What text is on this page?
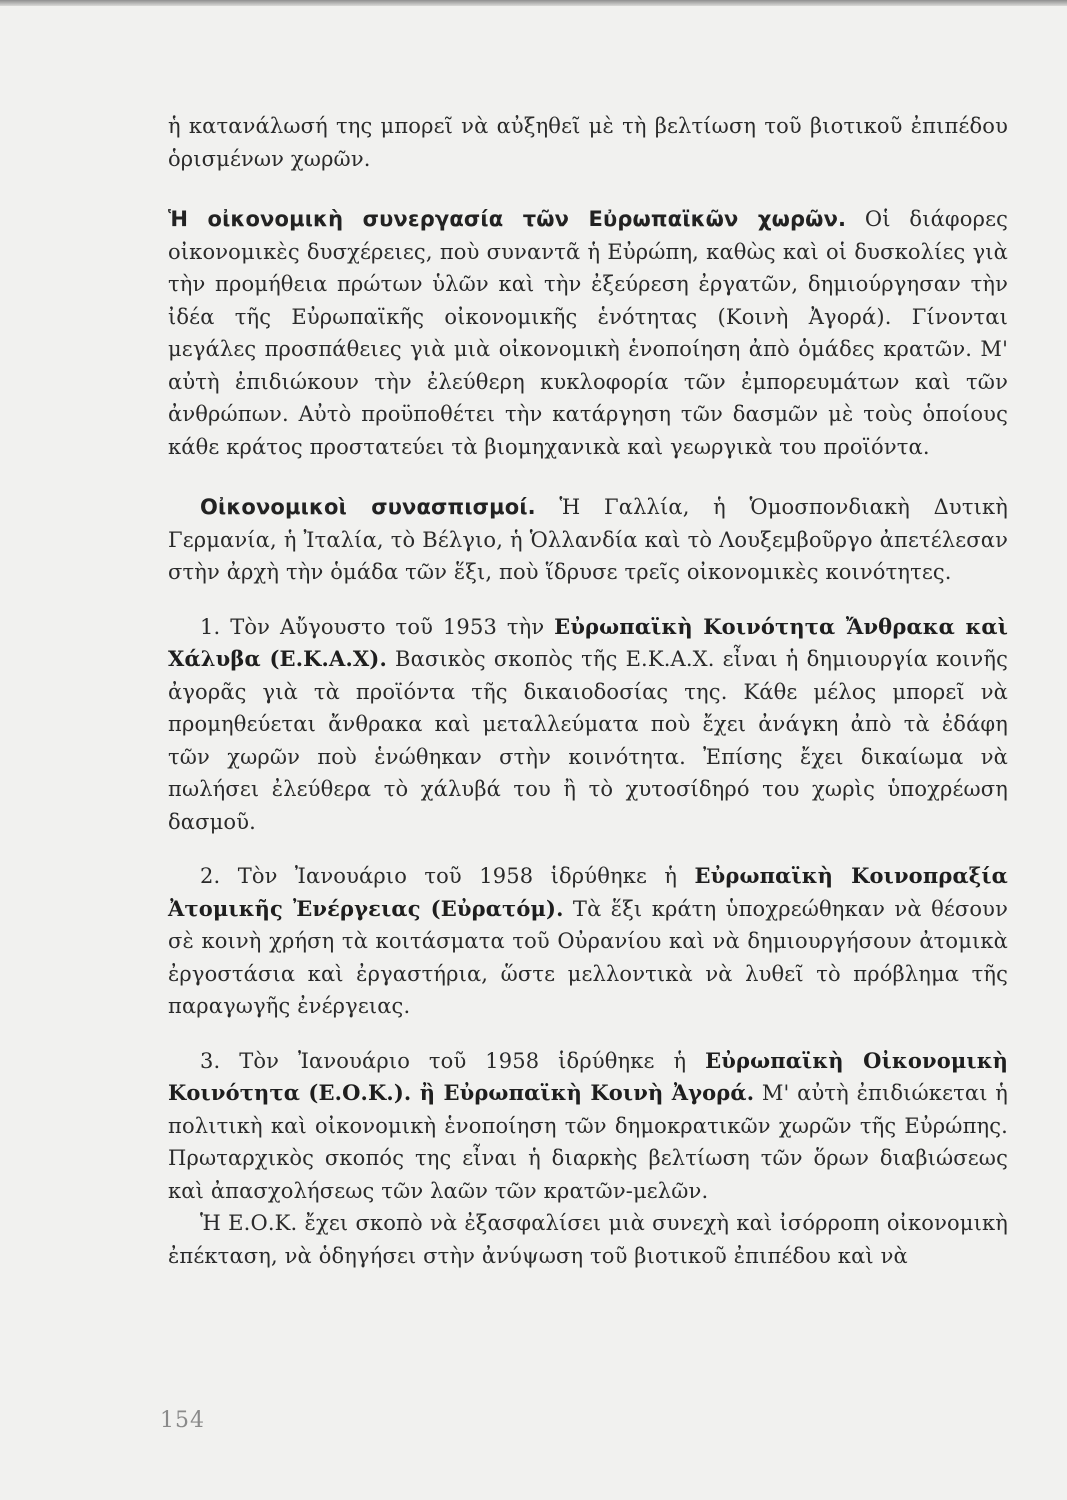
ἡ κατανάλωσή της μπορεῖ νὰ αὐξηθεῖ μὲ τὴ βελτίωση τοῦ βιοτικοῦ ἐπιπέδου ὁρισμένων χωρῶν.

Ἡ οἰκονομικὴ συνεργασία τῶν Εὐρωπαϊκῶν χωρῶν. Οἱ διάφορες οἰκονομικὲς δυσχέρειες, ποὺ συναντᾶ ἡ Εὐρώπη, καθὼς καὶ οἱ δυσκολίες γιὰ τὴν προμήθεια πρώτων ὑλῶν καὶ τὴν ἐξεύρεση ἐργατῶν, δημιούργησαν τὴν ἰδέα τῆς Εὐρωπαϊκῆς οἰκονομικῆς ἑνότητας (Κοινὴ Ἀγορά). Γίνονται μεγάλες προσπάθειες γιὰ μιὰ οἰκονομικὴ ἑνοποίηση ἀπὸ ὁμάδες κρατῶν. Μ' αὐτὴ ἐπιδιώκουν τὴν ἐλεύθερη κυκλοφορία τῶν ἐμπορευμάτων καὶ τῶν ἀνθρώπων. Αὐτὸ προϋποθέτει τὴν κατάργηση τῶν δασμῶν μὲ τοὺς ὁποίους κάθε κράτος προστατεύει τὰ βιομηχανικὰ καὶ γεωργικὰ του προϊόντα.

Οἰκονομικοὶ συνασπισμοί. Ἡ Γαλλία, ἡ Ὁμοσπονδιακὴ Δυτικὴ Γερμανία, ἡ Ἰταλία, τὸ Βέλγιο, ἡ Ὁλλανδία καὶ τὸ Λουξεμβοῦργο ἀπετέλεσαν στὴν ἀρχὴ τὴν ὁμάδα τῶν ἕξι, ποὺ ἵδρυσε τρεῖς οἰκονομικὲς κοινότητες.

1. Τὸν Αὔγουστο τοῦ 1953 τὴν Εὐρωπαϊκὴ Κοινότητα Ἄνθρακα καὶ Χάλυβα (Ε.Κ.Α.Χ). Βασικὸς σκοπὸς τῆς Ε.Κ.Α.Χ. εἶναι ἡ δημιουργία κοινῆς ἀγορᾶς γιὰ τὰ προϊόντα τῆς δικαιοδοσίας της. Κάθε μέλος μπορεῖ νὰ προμηθεύεται ἄνθρακα καὶ μεταλλεύματα ποὺ ἔχει ἀνάγκη ἀπὸ τὰ ἐδάφη τῶν χωρῶν ποὺ ἑνώθηκαν στὴν κοινότητα. Ἐπίσης ἔχει δικαίωμα νὰ πωλήσει ἐλεύθερα τὸ χάλυβά του ἢ τὸ χυτοσίδηρό του χωρὶς ὑποχρέωση δασμοῦ.

2. Τὸν Ἰανουάριο τοῦ 1958 ἱδρύθηκε ἡ Εὐρωπαϊκὴ Κοινοπραξία Ἀτομικῆς Ἐνέργειας (Εὐρατόμ). Τὰ ἕξι κράτη ὑποχρεώθηκαν νὰ θέσουν σὲ κοινὴ χρήση τὰ κοιτάσματα τοῦ Οὐρανίου καὶ νὰ δημιουργήσουν ἀτομικὰ ἐργοστάσια καὶ ἐργαστήρια, ὥστε μελλοντικὰ νὰ λυθεῖ τὸ πρόβλημα τῆς παραγωγῆς ἐνέργειας.

3. Τὸν Ἰανουάριο τοῦ 1958 ἱδρύθηκε ἡ Εὐρωπαϊκὴ Οἰκονομικὴ Κοινότητα (Ε.Ο.Κ.). ἢ Εὐρωπαϊκὴ Κοινὴ Ἀγορά. Μ' αὐτὴ ἐπιδιώκεται ἡ πολιτικὴ καὶ οἰκονομικὴ ἑνοποίηση τῶν δημοκρατικῶν χωρῶν τῆς Εὐρώπης. Πρωταρχικὸς σκοπός της εἶναι ἡ διαρκὴς βελτίωση τῶν ὅρων διαβιώσεως καὶ ἀπασχολήσεως τῶν λαῶν τῶν κρατῶν-μελῶν.

Ἡ Ε.Ο.Κ. ἔχει σκοπὸ νὰ ἐξασφαλίσει μιὰ συνεχὴ καὶ ἰσόρροπη οἰκονομικὴ ἐπέκταση, νὰ ὁδηγήσει στὴν ἀνύψωση τοῦ βιοτικοῦ ἐπιπέδου καὶ νὰ

154
